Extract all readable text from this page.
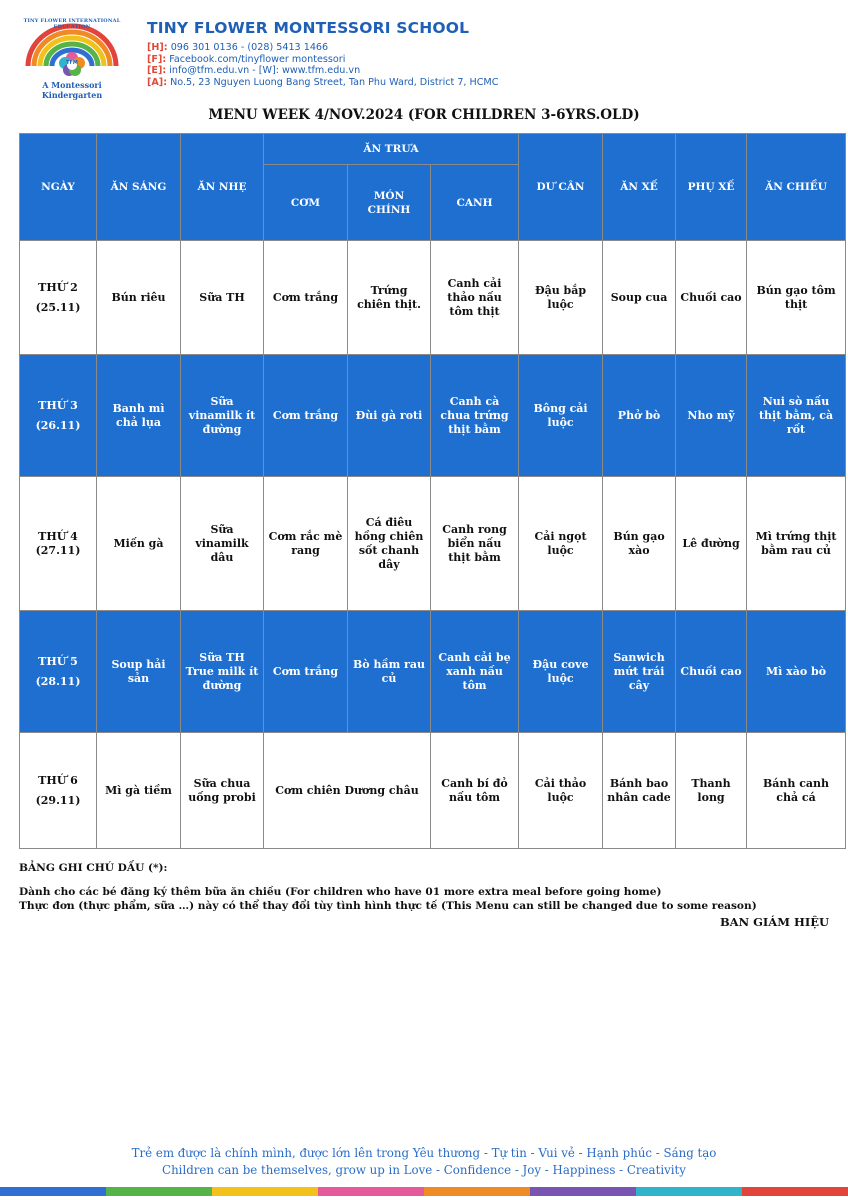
TFM
TINY FLOWER INTERNATIONAL EDUCATION
A Montessori Kindergarten
TINY FLOWER MONTESSORI SCHOOL
[H]: 096 301 0136 - (028) 5413 1466
[F]: Facebook.com/tinyflower montessori
[E]: info@tfm.edu.vn - [W]: www.tfm.edu.vn
[A]: No.5, 23 Nguyen Luong Bang Street, Tan Phu Ward, District 7, HCMC
MENU WEEK 4/NOV.2024 (FOR CHILDREN 3-6YRS.OLD)
NGÀY	ĂN SÁNG	ĂN NHẸ	ĂN TRƯA			DƯ CÂN	ĂN XẾ	PHỤ XẾ	ĂN CHIỀU
			CƠM	MÓN CHÍNH	CANH				

THỨ 2
(25.11)	Bún riêu	Sữa TH	Cơm trắng	Trứng chiên thịt.	Canh cải thảo nấu tôm thịt	Đậu bắp luộc	Soup cua	Chuối cao	Bún gạo tôm thịt

THỨ 3
(26.11)	Banh mì chả lụa	Sữa vinamilk ít đường	Cơm trắng	Đùi gà roti	Canh cà chua trứng thịt bằm	Bông cải luộc	Phở bò	Nho mỹ	Nui sò nấu thịt bằm, cà rốt

THỨ 4
(27.11)	Miến gà	Sữa vinamilk dâu	Cơm rắc mè rang	Cá điêu hồng chiên sốt chanh dây	Canh rong biển nấu thịt bằm	Cải ngọt luộc	Bún gạo xào	Lê đường	Mì trứng thịt bằm rau củ

THỨ 5
(28.11)	Soup hải sản	Sữa TH True milk ít đường	Cơm trắng	Bò hầm rau củ	Canh cải bẹ xanh nấu tôm	Đậu cove luộc	Sanwich mứt trái cây	Chuối cao	Mì xào bò

THỨ 6
(29.11)	Mì gà tiềm	Sữa chua uống probi	Cơm chiên Dương châu		Canh bí đỏ nấu tôm	Cải thảo luộc	Bánh bao nhân cade	Thanh long	Bánh canh chả cá
BẢNG GHI CHÚ DẤU (*):
Dành cho các bé đăng ký thêm bữa ăn chiều (For children who have 01 more extra meal before going home)
Thực đơn (thực phẩm, sữa …) này có thể thay đổi tùy tình hình thực tế (This Menu can still be changed due to some reason)
BAN GIÁM HIỆU
Trẻ em được là chính mình, được lớn lên trong Yêu thương - Tự tin - Vui vẻ - Hạnh phúc - Sáng tạo
Children can be themselves, grow up in Love - Confidence - Joy - Happiness - Creativity
